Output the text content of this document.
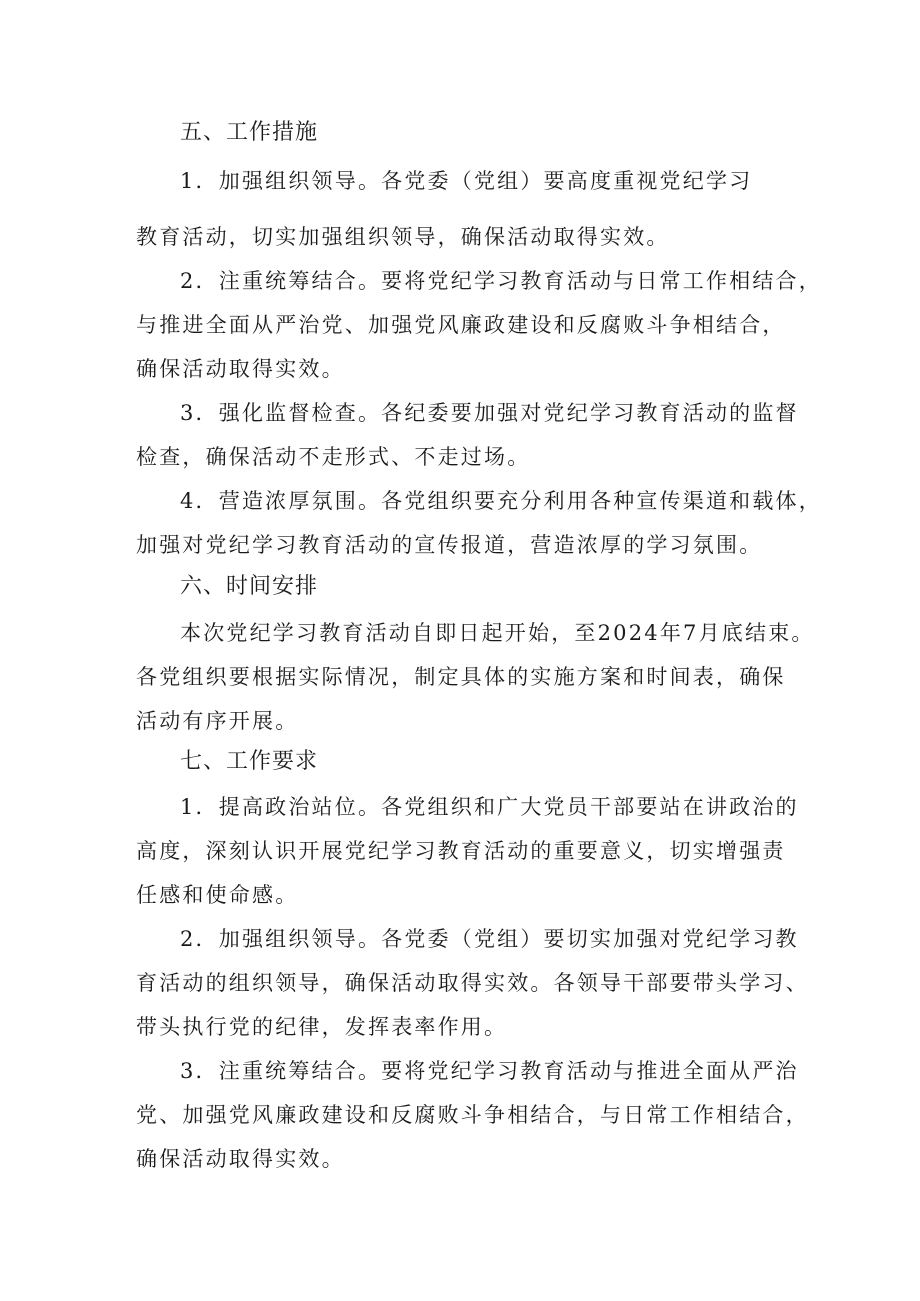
五、工作措施
1．加强组织领导。各党委（党组）要高度重视党纪学习
教育活动，切实加强组织领导，确保活动取得实效。
2．注重统筹结合。要将党纪学习教育活动与日常工作相结合，
与推进全面从严治党、加强党风廉政建设和反腐败斗争相结合，
确保活动取得实效。
3．强化监督检查。各纪委要加强对党纪学习教育活动的监督
检查，确保活动不走形式、不走过场。
4．营造浓厚氛围。各党组织要充分利用各种宣传渠道和载体，
加强对党纪学习教育活动的宣传报道，营造浓厚的学习氛围。
六、时间安排
本次党纪学习教育活动自即日起开始，至2024年7月底结束。
各党组织要根据实际情况，制定具体的实施方案和时间表，确保
活动有序开展。
七、工作要求
1．提高政治站位。各党组织和广大党员干部要站在讲政治的
高度，深刻认识开展党纪学习教育活动的重要意义，切实增强责
任感和使命感。
2．加强组织领导。各党委（党组）要切实加强对党纪学习教
育活动的组织领导，确保活动取得实效。各领导干部要带头学习、
带头执行党的纪律，发挥表率作用。
3．注重统筹结合。要将党纪学习教育活动与推进全面从严治
党、加强党风廉政建设和反腐败斗争相结合，与日常工作相结合，
确保活动取得实效。
